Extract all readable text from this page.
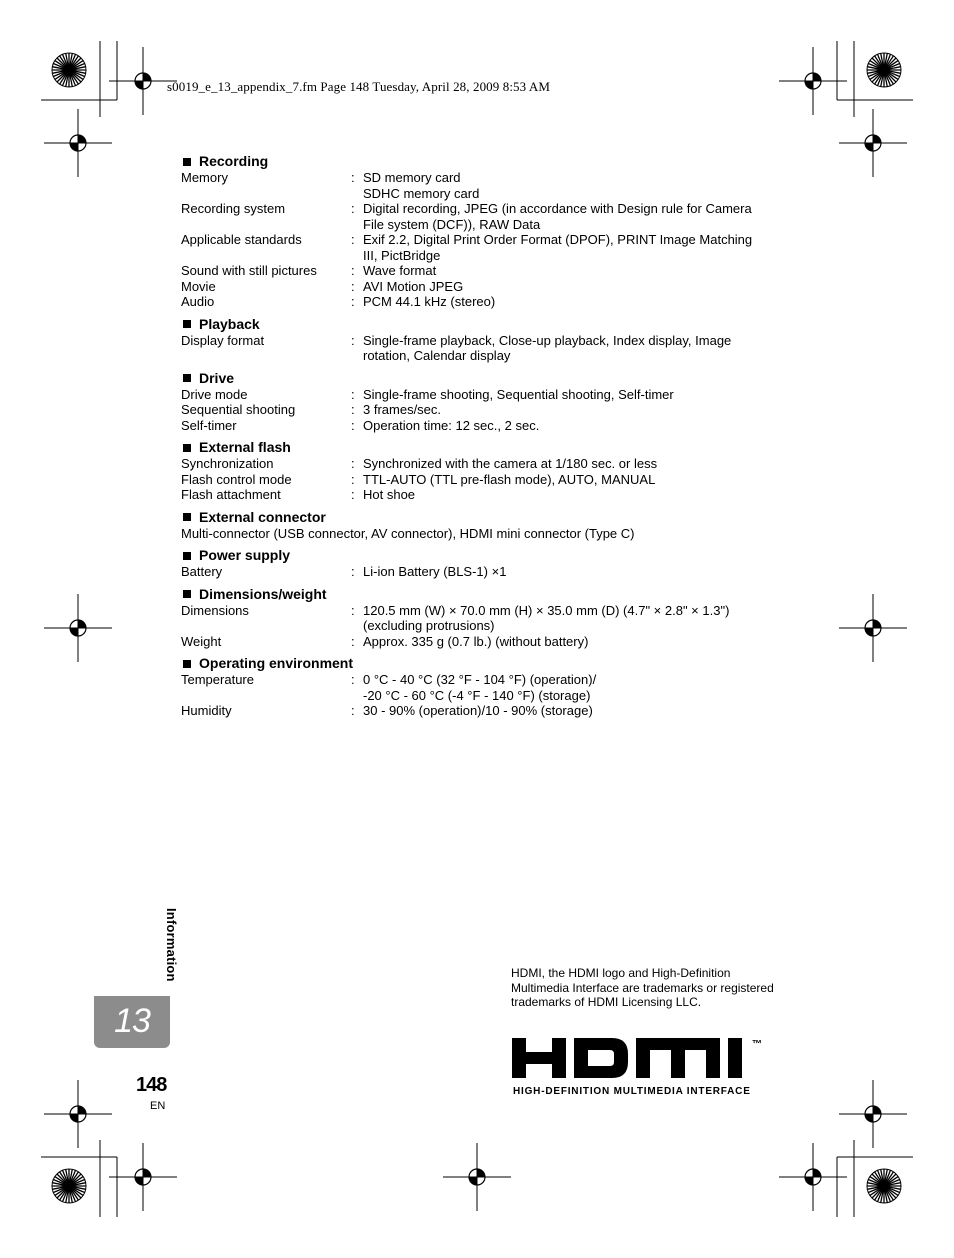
s0019_e_13_appendix_7.fm Page 148 Tuesday, April 28, 2009 8:53 AM
Recording
Memory	: SD memory card
SDHC memory card
Recording system	: Digital recording, JPEG (in accordance with Design rule for Camera
File system (DCF)), RAW Data
Applicable standards	: Exif 2.2, Digital Print Order Format (DPOF), PRINT Image Matching
III, PictBridge
Sound with still pictures	: Wave format
Movie	: AVI Motion JPEG
Audio	: PCM 44.1 kHz (stereo)
Playback
Display format	: Single-frame playback, Close-up playback, Index display, Image
rotation, Calendar display
Drive
Drive mode	: Single-frame shooting, Sequential shooting, Self-timer
Sequential shooting	: 3 frames/sec.
Self-timer	: Operation time: 12 sec., 2 sec.
External flash
Synchronization	: Synchronized with the camera at 1/180 sec. or less
Flash control mode	: TTL-AUTO (TTL pre-flash mode), AUTO, MANUAL
Flash attachment	: Hot shoe
External connector
Multi-connector (USB connector, AV connector), HDMI mini connector (Type C)
Power supply
Battery	: Li-ion Battery (BLS-1) ×1
Dimensions/weight
Dimensions	: 120.5 mm (W) × 70.0 mm (H) × 35.0 mm (D) (4.7" × 2.8" × 1.3")
(excluding protrusions)
Weight	: Approx. 335 g (0.7 lb.) (without battery)
Operating environment
Temperature	: 0 °C - 40 °C (32 °F - 104 °F) (operation)/
-20 °C - 60 °C (-4 °F - 140 °F) (storage)
Humidity	: 30 - 90% (operation)/10 - 90% (storage)
Information
13
148
EN
HDMI, the HDMI logo and High-Definition Multimedia Interface are trademarks or registered trademarks of HDMI Licensing LLC.
™
HIGH-DEFINITION MULTIMEDIA INTERFACE
